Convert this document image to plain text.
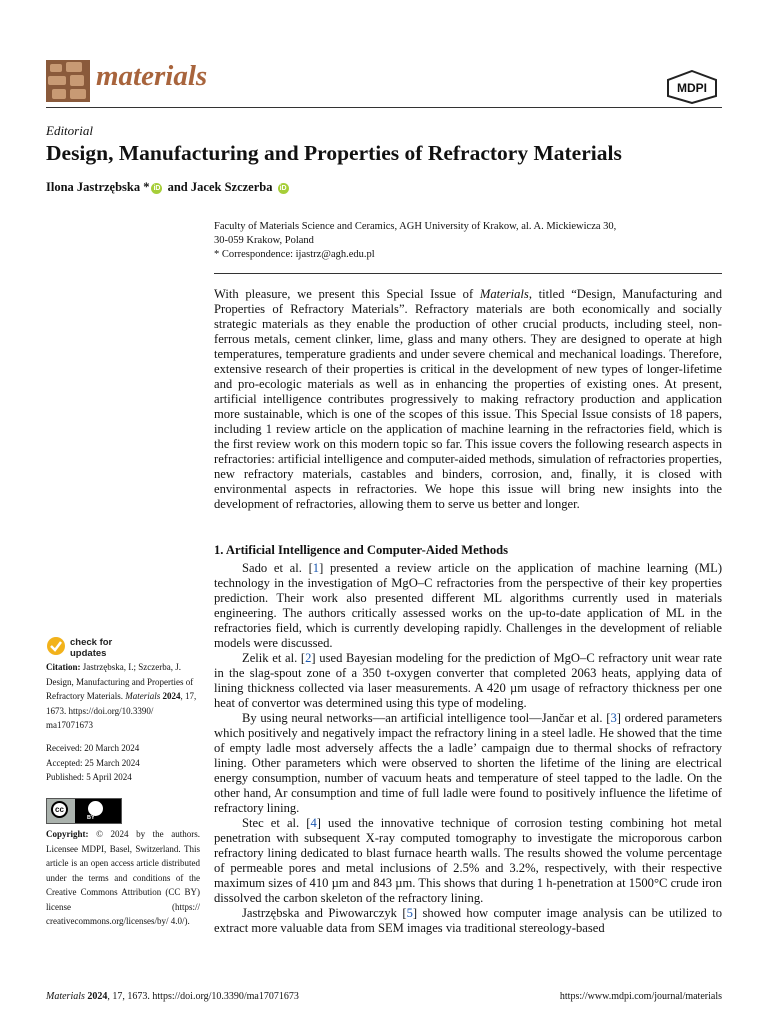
materials	MDPI
Editorial
Design, Manufacturing and Properties of Refractory Materials
Ilona Jastrzębska * iD and Jacek Szczerba iD
Faculty of Materials Science and Ceramics, AGH University of Krakow, al. A. Mickiewicza 30,
30-059 Krakow, Poland
* Correspondence: ijastrz@agh.edu.pl
With pleasure, we present this Special Issue of Materials, titled “Design, Manufacturing and Properties of Refractory Materials”. Refractory materials are both economically and socially strategic materials as they enable the production of other crucial products, including steel, non-ferrous metals, cement clinker, lime, glass and many others. They are designed to operate at high temperatures, temperature gradients and under severe chemical and mechanical loadings. Therefore, extensive research of their properties is critical in the development of new types of longer-lifetime and pro-ecologic materials as well as in enhancing the properties of existing ones. At present, artificial intelligence contributes progressively to making refractory production and application more sustainable, which is one of the scopes of this issue. This Special Issue consists of 18 papers, including 1 review article on the application of machine learning in the refractories field, which is the first review work on this modern topic so far. This issue covers the following research aspects in refractories: artificial intelligence and computer-aided methods, simulation of refractories properties, new refractory materials, castables and binders, corrosion, and, finally, it is closed with environmental aspects in refractories. We hope this issue will bring new insights into the development of refractories, allowing them to serve us better and longer.
1. Artificial Intelligence and Computer-Aided Methods

Sado et al. [1] presented a review article on the application of machine learning (ML) technology in the investigation of MgO–C refractories from the perspective of their key properties prediction. Their work also presented different ML algorithms currently used in materials engineering. The authors critically assessed works on the up-to-date application of ML in the refractories field, which is currently developing rapidly. Challenges in the development of reliable models were discussed.

Zelik et al. [2] used Bayesian modeling for the prediction of MgO–C refractory unit wear rate in the slag-spout zone of a 350 t-oxygen converter that completed 2063 heats, applying data of lining thickness collected via laser measurements. A 420 µm usage of refractory thickness per one heat of convertor was determined using this type of modeling.

By using neural networks—an artificial intelligence tool—Jančar et al. [3] ordered parameters which positively and negatively impact the refractory lining in a steel ladle. He showed that the time of empty ladle most adversely affects the a ladle’ campaign due to thermal shocks of refractory lining. Other parameters which were observed to shorten the lifetime of the lining are electrical energy consumption, number of vacuum heats and temperature of steel tapped to the ladle. On the other hand, Ar consumption and time of full ladle were found to positively influence the lifetime of refractory lining.

Stec et al. [4] used the innovative technique of corrosion testing combining hot metal penetration with subsequent X-ray computed tomography to investigate the microporous carbon refractory lining dedicated to blast furnace hearth walls. The results showed the volume percentage of permeable pores and metal inclusions of 2.5% and 3.2%, respectively, with their respective maximum sizes of 410 µm and 843 µm. This shows that during 1 h-penetration at 1500°C crude iron dissolved the carbon skeleton of the refractory lining.

Jastrzębska and Piwowarczyk [5] showed how computer image analysis can be utilized to extract more valuable data from SEM images via traditional stereology-based

check for
updates
Citation: Jastrzębska, I.; Szczerba, J. Design, Manufacturing and Properties of Refractory Materials. Materials 2024, 17, 1673. https://doi.org/10.3390/ ma17071673
Received: 20 March 2024
Accepted: 25 March 2024
Published: 5 April 2024
cc
BY
Copyright: © 2024 by the authors. Licensee MDPI, Basel, Switzerland. This article is an open access article distributed under the terms and conditions of the Creative Commons Attribution (CC BY) license (https:// creativecommons.org/licenses/by/ 4.0/).
Materials 2024, 17, 1673. https://doi.org/10.3390/ma17071673	https://www.mdpi.com/journal/materials
